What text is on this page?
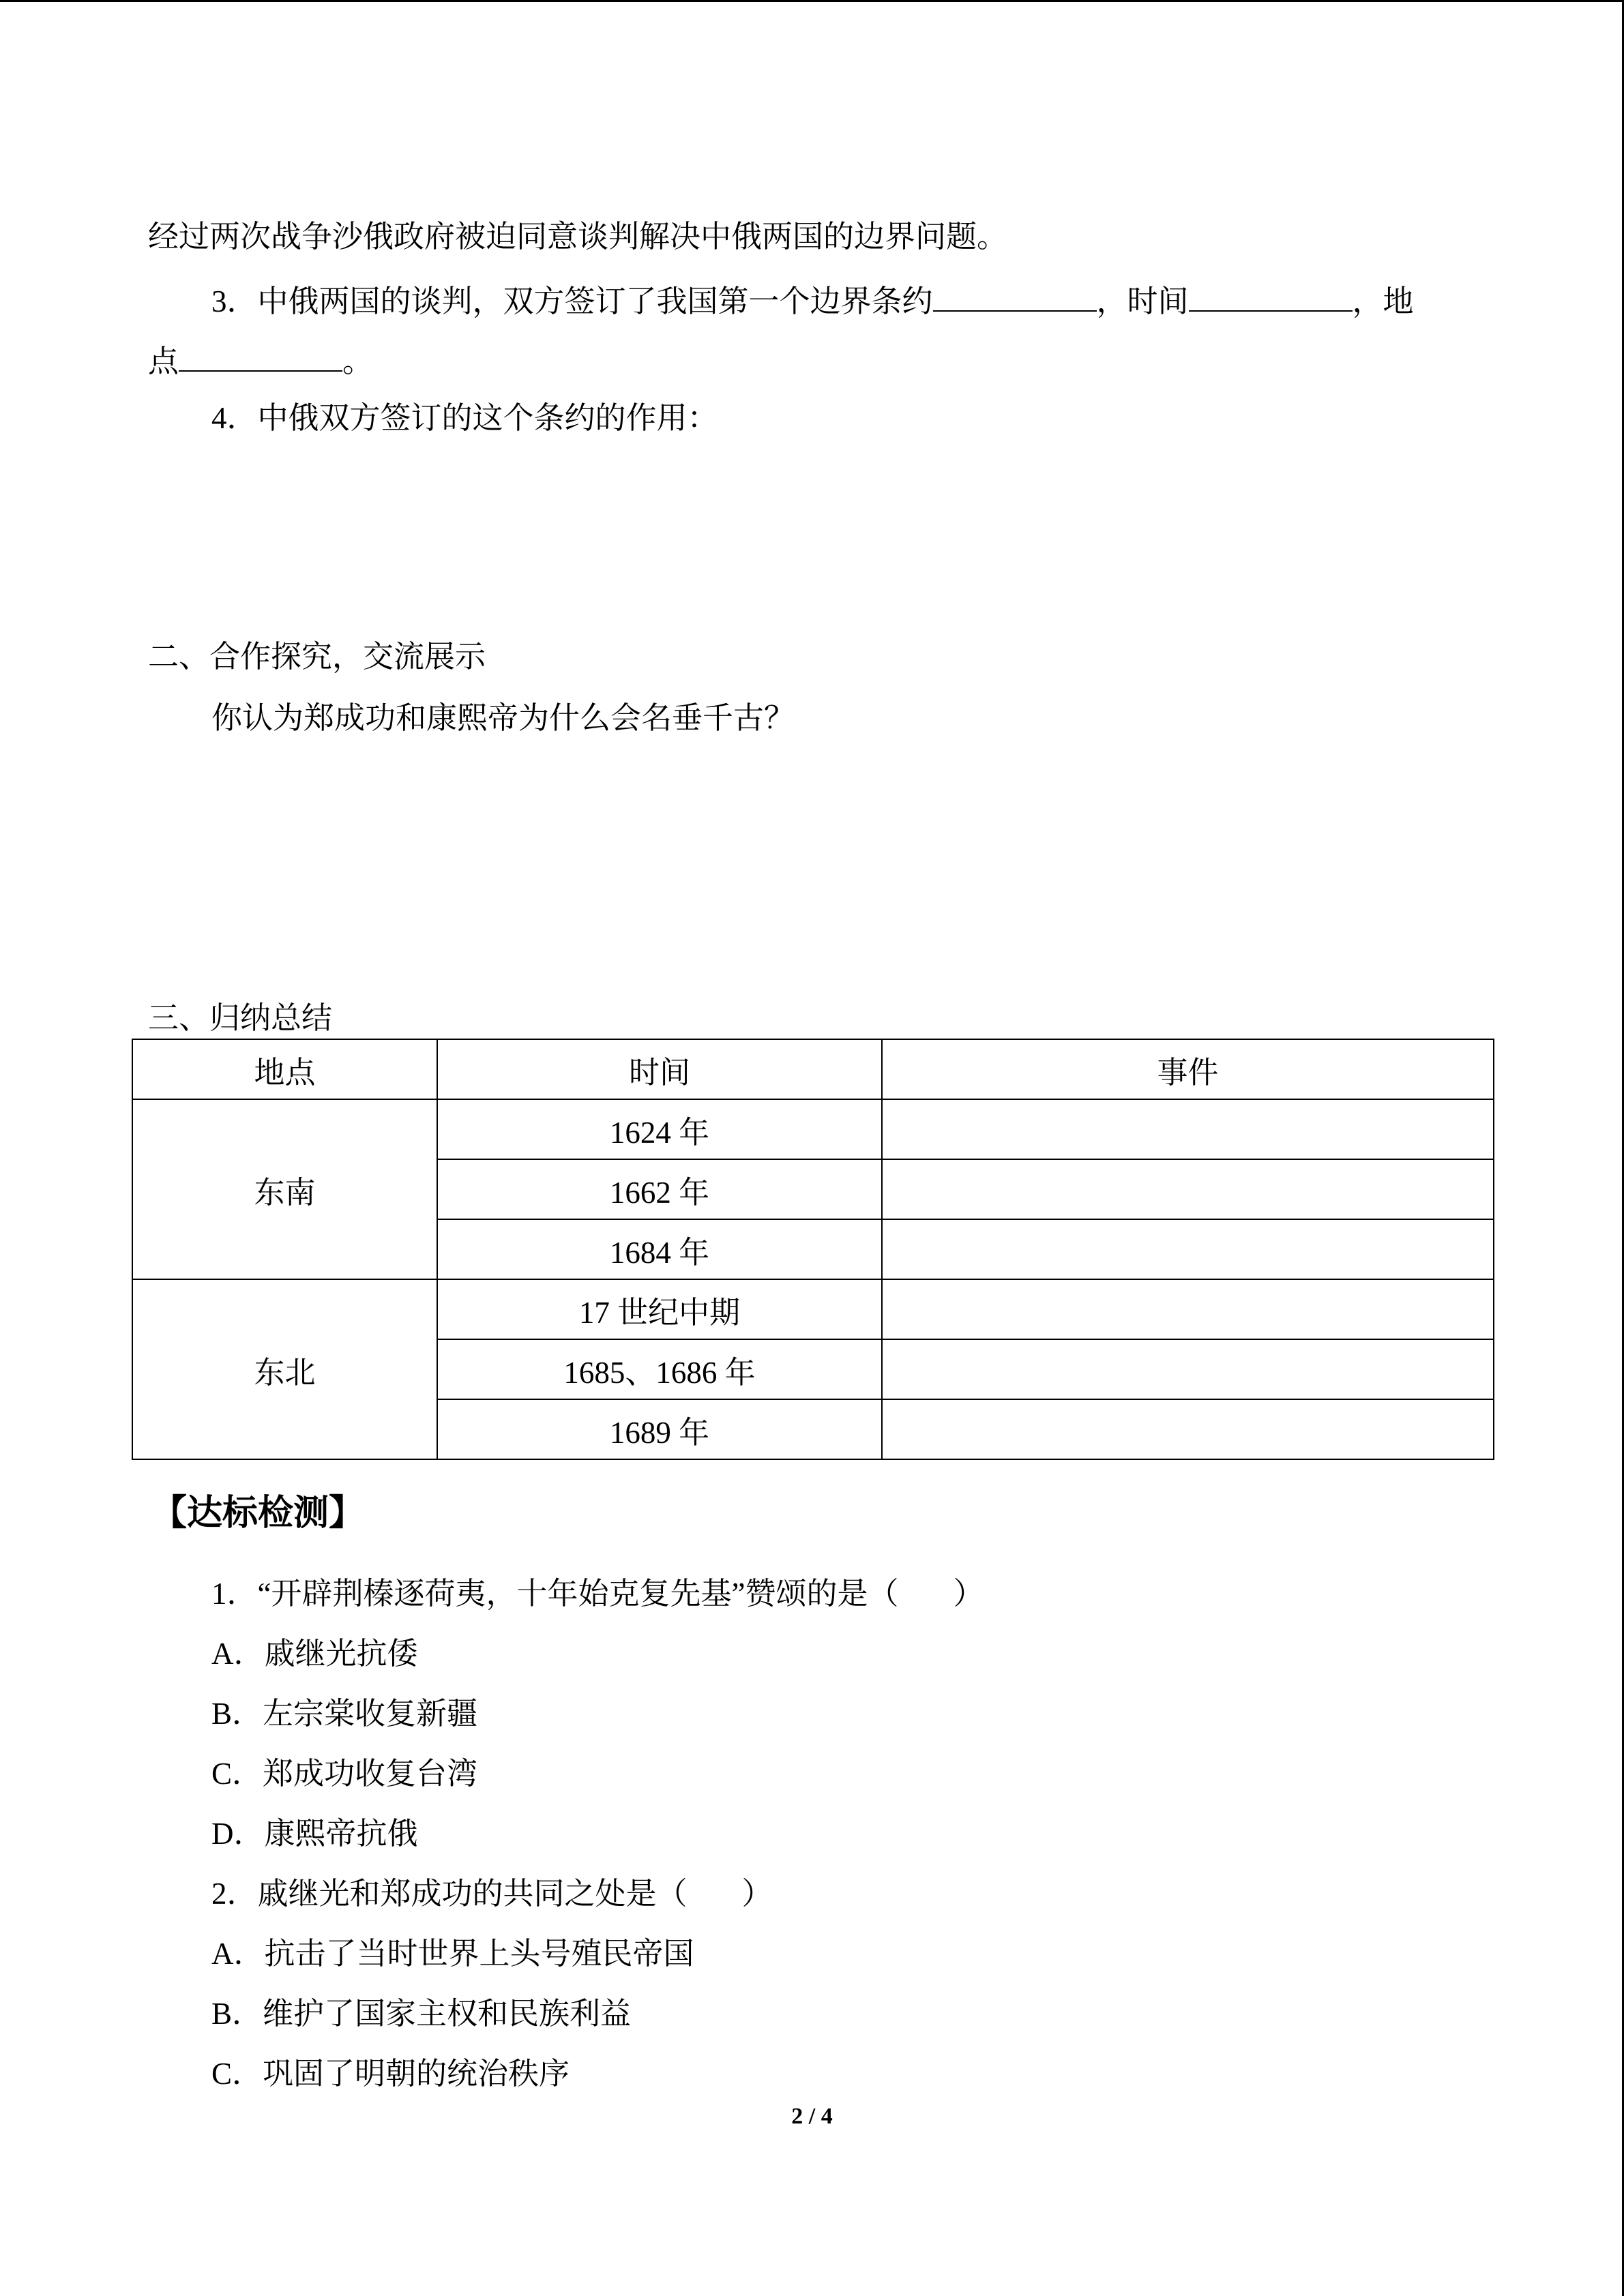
经过两次战争沙俄政府被迫同意谈判解决中俄两国的边界问题。
3．中俄两国的谈判，双方签订了我国第一个边界条约	，时间	，地
点	。
4．中俄双方签订的这个条约的作用：
二、合作探究，交流展示
你认为郑成功和康熙帝为什么会名垂千古？
三、归纳总结
地点	时间	事件
东南	1624 年	
	1662 年	
	1684 年	
东北	17 世纪中期	
	1685、1686 年	
	1689 年	
【达标检测】
1．“开辟荆榛逐荷夷，十年始克复先基”赞颂的是（ ）
A．戚继光抗倭
B．左宗棠收复新疆
C．郑成功收复台湾
D．康熙帝抗俄
2．戚继光和郑成功的共同之处是（ ）
A．抗击了当时世界上头号殖民帝国
B．维护了国家主权和民族利益
C．巩固了明朝的统治秩序
2 / 4
